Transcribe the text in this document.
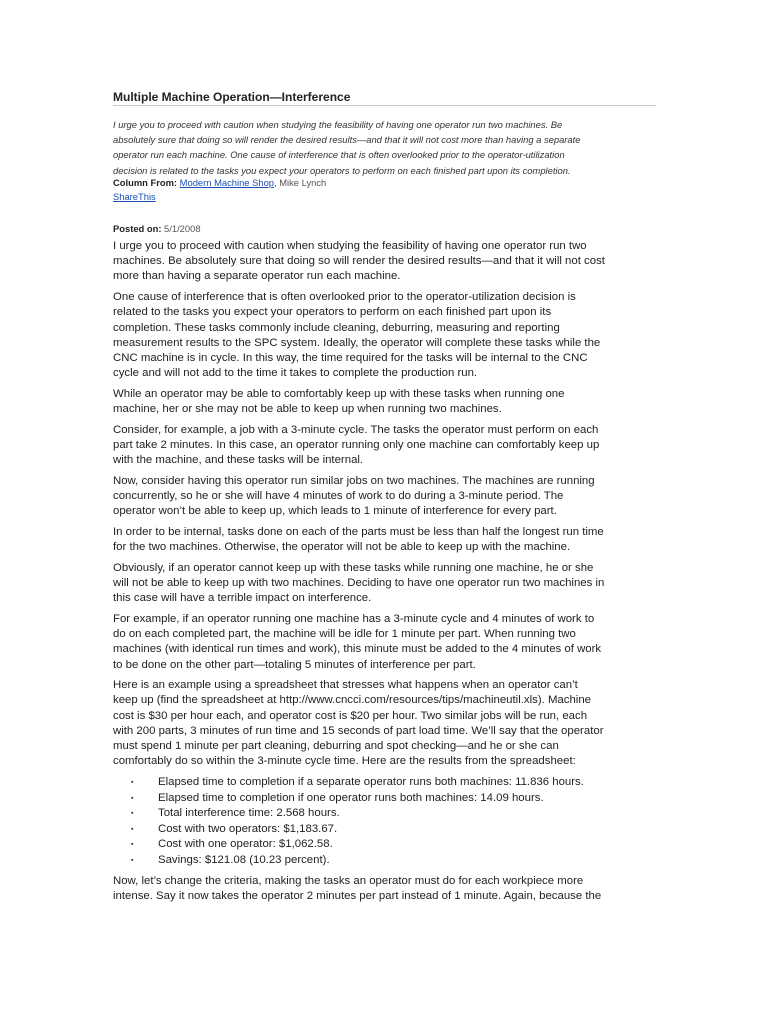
Multiple Machine Operation—Interference
I urge you to proceed with caution when studying the feasibility of having one operator run two machines. Be
absolutely sure that doing so will render the desired results—and that it will not cost more than having a separate
operator run each machine. One cause of interference that is often overlooked prior to the operator-utilization
decision is related to the tasks you expect your operators to perform on each finished part upon its completion.
Column From: Modern Machine Shop, Mike Lynch
ShareThis
Posted on: 5/1/2008

I urge you to proceed with caution when studying the feasibility of having one operator run two
machines. Be absolutely sure that doing so will render the desired results—and that it will not cost
more than having a separate operator run each machine.

One cause of interference that is often overlooked prior to the operator-utilization decision is
related to the tasks you expect your operators to perform on each finished part upon its
completion. These tasks commonly include cleaning, deburring, measuring and reporting
measurement results to the SPC system. Ideally, the operator will complete these tasks while the
CNC machine is in cycle. In this way, the time required for the tasks will be internal to the CNC
cycle and will not add to the time it takes to complete the production run.

While an operator may be able to comfortably keep up with these tasks when running one
machine, her or she may not be able to keep up when running two machines.

Consider, for example, a job with a 3-minute cycle. The tasks the operator must perform on each
part take 2 minutes. In this case, an operator running only one machine can comfortably keep up
with the machine, and these tasks will be internal.

Now, consider having this operator run similar jobs on two machines. The machines are running
concurrently, so he or she will have 4 minutes of work to do during a 3-minute period. The
operator won’t be able to keep up, which leads to 1 minute of interference for every part.

In order to be internal, tasks done on each of the parts must be less than half the longest run time
for the two machines. Otherwise, the operator will not be able to keep up with the machine.

Obviously, if an operator cannot keep up with these tasks while running one machine, he or she
will not be able to keep up with two machines. Deciding to have one operator run two machines in
this case will have a terrible impact on interference.

For example, if an operator running one machine has a 3-minute cycle and 4 minutes of work to
do on each completed part, the machine will be idle for 1 minute per part. When running two
machines (with identical run times and work), this minute must be added to the 4 minutes of work
to be done on the other part—totaling 5 minutes of interference per part.

Here is an example using a spreadsheet that stresses what happens when an operator can’t
keep up (find the spreadsheet at http://www.cncci.com/resources/tips/machineutil.xls). Machine
cost is $30 per hour each, and operator cost is $20 per hour. Two similar jobs will be run, each
with 200 parts, 3 minutes of run time and 15 seconds of part load time. We’ll say that the operator
must spend 1 minute per part cleaning, deburring and spot checking—and he or she can
comfortably do so within the 3-minute cycle time. Here are the results from the spreadsheet:

▪ Elapsed time to completion if a separate operator runs both machines: 11.836 hours.
▪ Elapsed time to completion if one operator runs both machines: 14.09 hours.
▪ Total interference time: 2.568 hours.
▪ Cost with two operators: $1,183.67.
▪ Cost with one operator: $1,062.58.
▪ Savings: $121.08 (10.23 percent).

Now, let’s change the criteria, making the tasks an operator must do for each workpiece more
intense. Say it now takes the operator 2 minutes per part instead of 1 minute. Again, because the
